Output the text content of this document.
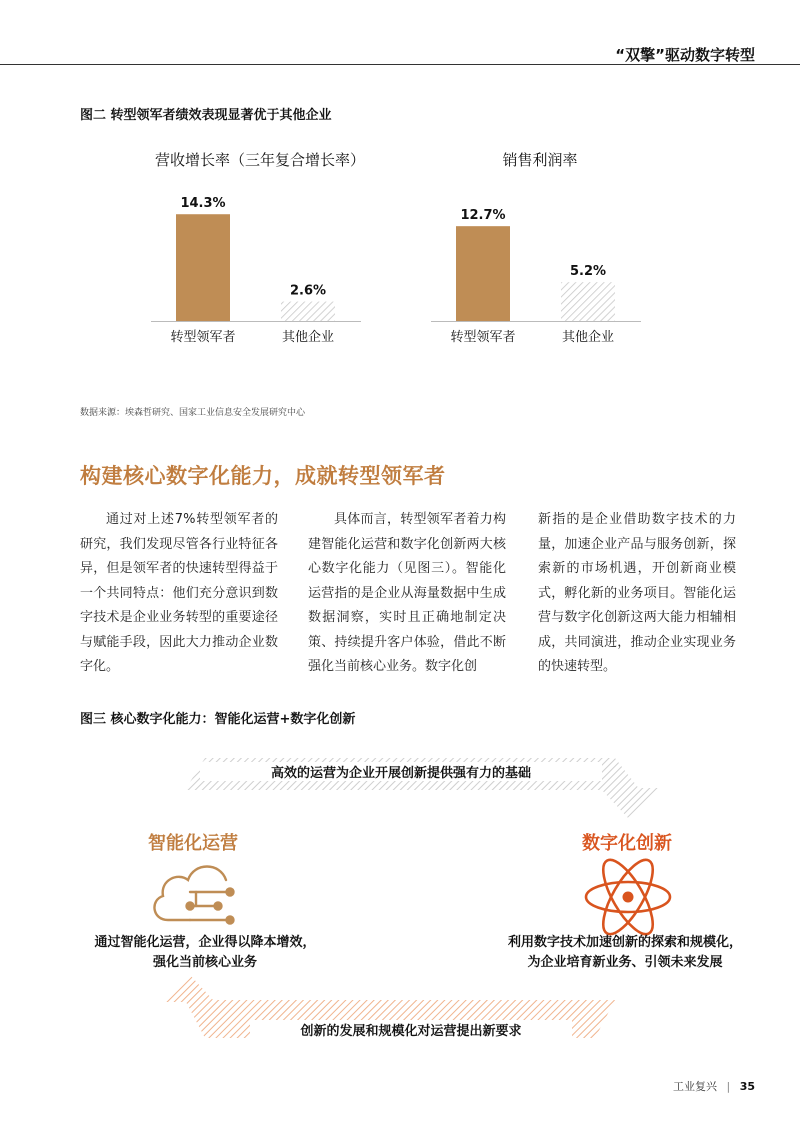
“双擎”驱动数字转型
图二 转型领军者绩效表现显著优于其他企业
营收增长率（三年复合增长率）
14.3%
转型领军者
2.6%
其他企业
销售利润率
12.7%
转型领军者
5.2%
其他企业
数据来源：埃森哲研究、国家工业信息安全发展研究中心
构建核心数字化能力，成就转型领军者

通过对上述7%转型领军者的研究，我们发现尽管各行业特征各异，但是领军者的快速转型得益于一个共同特点：他们充分意识到数字技术是企业业务转型的重要途径与赋能手段，因此大力推动企业数字化。

具体而言，转型领军者着力构建智能化运营和数字化创新两大核心数字化能力（见图三）。智能化运营指的是企业从海量数据中生成数据洞察，实时且正确地制定决策、持续提升客户体验，借此不断强化当前核心业务。数字化创

新指的是企业借助数字技术的力量，加速企业产品与服务创新，探索新的市场机遇，开创新商业模式，孵化新的业务项目。智能化运营与数字化创新这两大能力相辅相成，共同演进，推动企业实现业务的快速转型。

图三 核心数字化能力：智能化运营+数字化创新
高效的运营为企业开展创新提供强有力的基础
创新的发展和规模化对运营提出新要求
智能化运营	数字化创新
通过智能化运营，企业得以降本增效，
强化当前核心业务
利用数字技术加速创新的探索和规模化，
为企业培育新业务、引领未来发展
工业复兴 | 35
